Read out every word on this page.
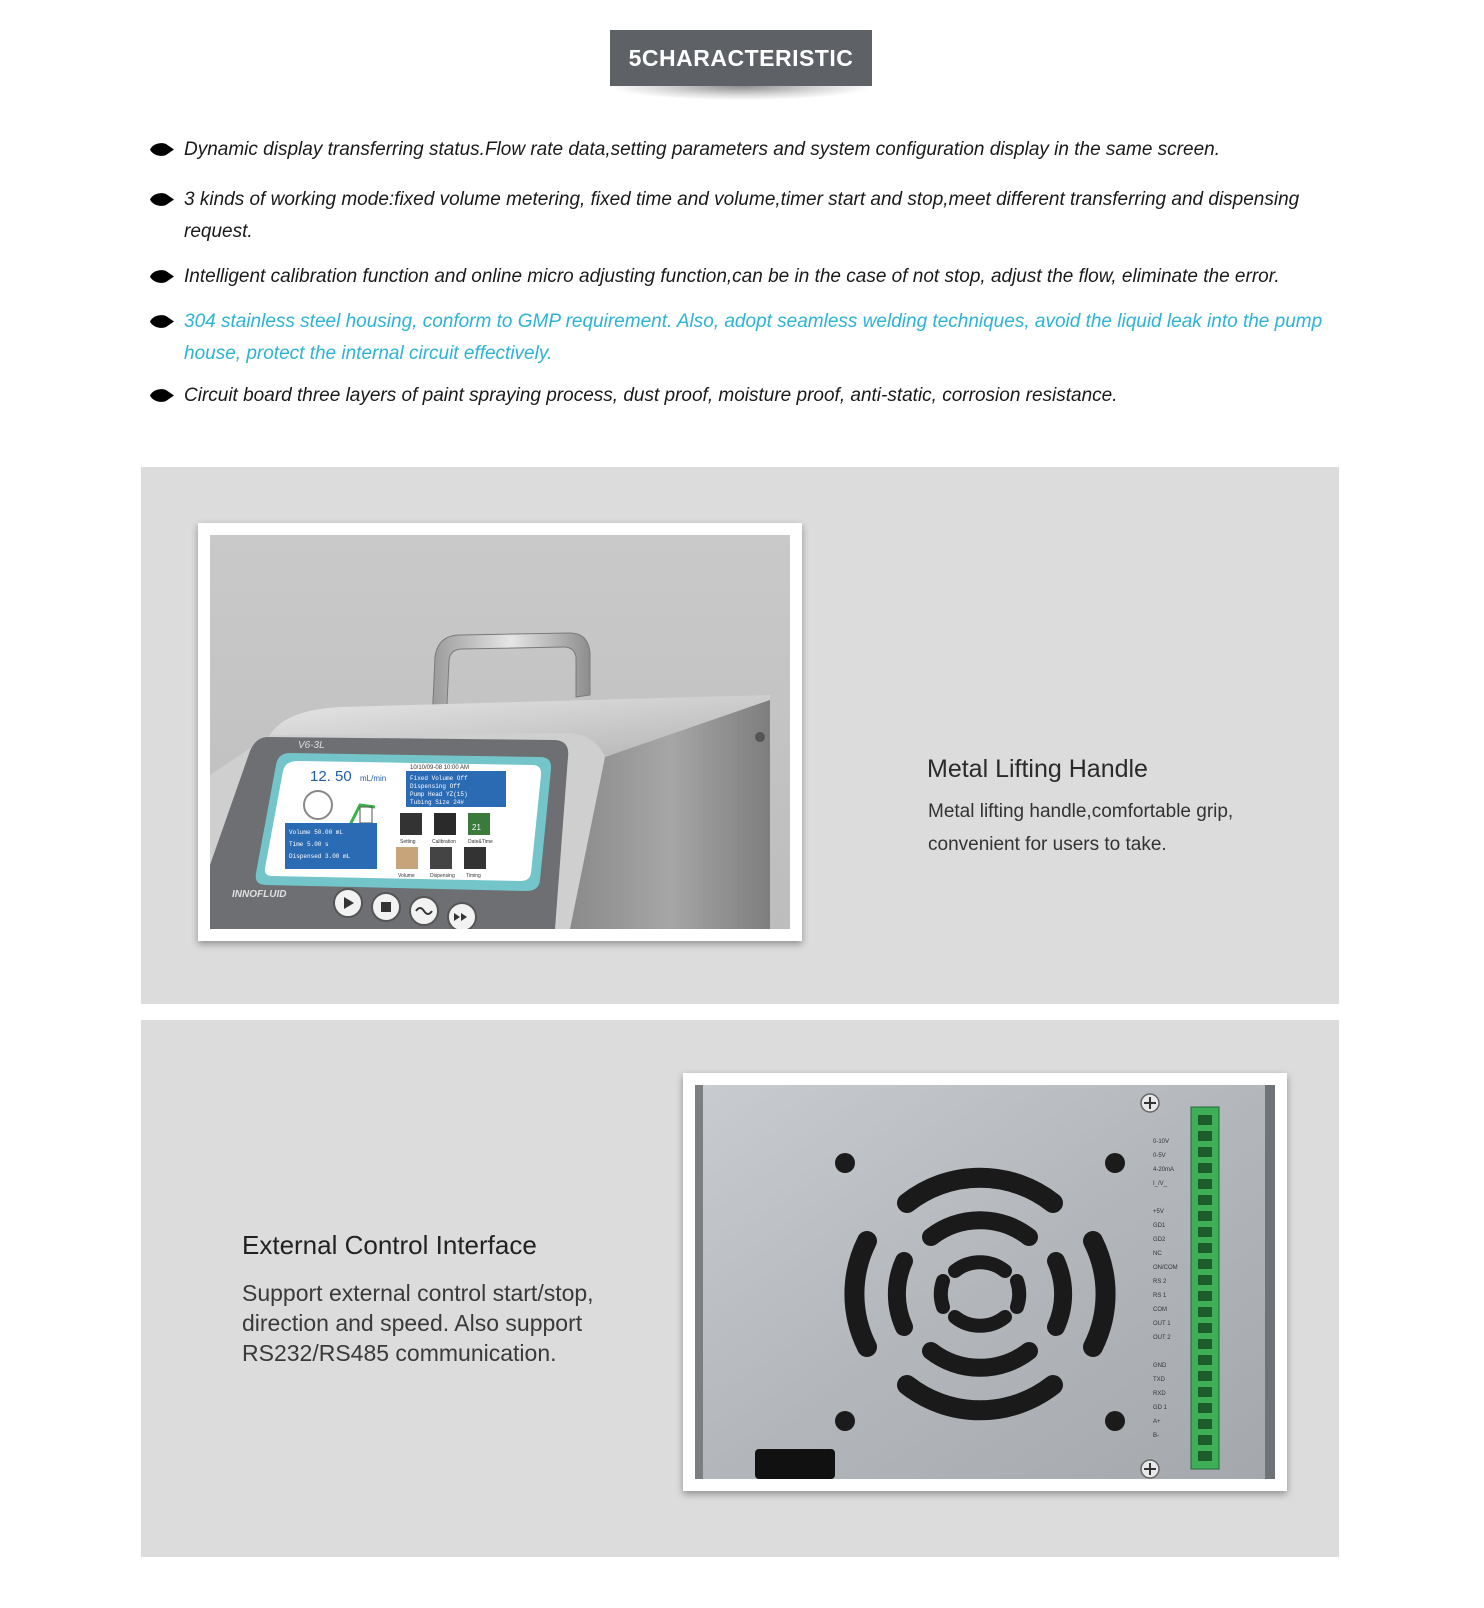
5CHARACTERISTIC
Dynamic display transferring status.Flow rate data,setting parameters and system configuration display in the same screen.
3 kinds of working mode:fixed volume metering, fixed time and volume,timer start and stop,meet different transferring and dispensing request.
Intelligent calibration function and online micro adjusting function,can be in the case of not stop, adjust the flow, eliminate the error.
304 stainless steel housing, conform to GMP requirement. Also, adopt seamless welding techniques, avoid the liquid leak into the pump house, protect the internal circuit effectively.
Circuit board three layers of paint spraying process, dust proof, moisture proof, anti-static, corrosion resistance.
V6-3L
12. 50 mL/min
10/10/09-08 10:00 AM
Fixed Volume Off
Dispensing Off
Pump Head YZ(15)
Tubing Size 24#
Volume 50.00 mL
Time 5.00 s
Dispensed 3.00 mL
21
Setting	Calibration Date&Time
Volume	Dispensing Timing
INNOFLUID
Metal Lifting Handle
Metal lifting handle,comfortable grip, convenient for users to take.
External Control Interface
Support external control start/stop, direction and speed. Also support RS232/RS485 communication.
0-10V
0-5V
4-20mA
I_/V_
+5V
GD1
GD2
NC
ON/COM
RS 2
RS 1
COM
OUT 1
OUT 2
GND
TXD
RXD
GD 1
A+
B-
